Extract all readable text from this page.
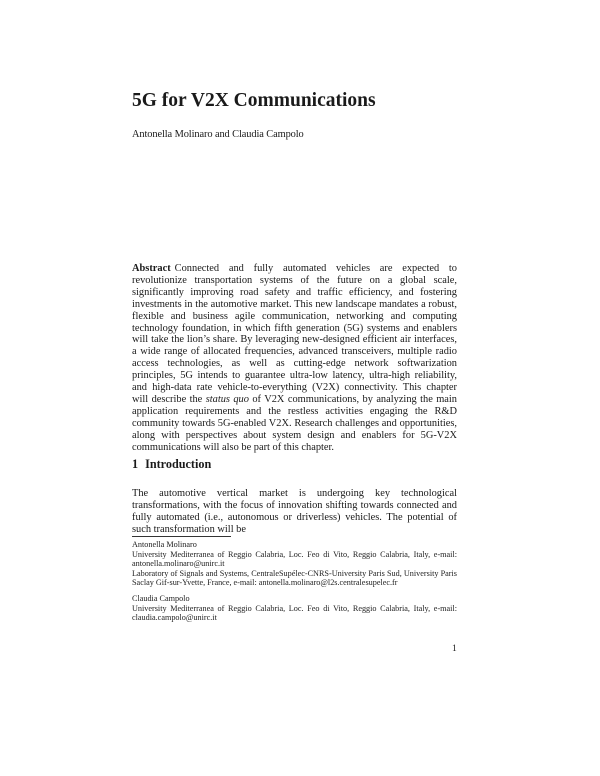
5G for V2X Communications
Antonella Molinaro and Claudia Campolo
Abstract Connected and fully automated vehicles are expected to revolutionize transportation systems of the future on a global scale, significantly improving road safety and traffic efficiency, and fostering investments in the automotive market. This new landscape mandates a robust, flexible and business agile communication, networking and computing technology foundation, in which fifth generation (5G) systems and enablers will take the lion’s share. By leveraging new-designed efficient air interfaces, a wide range of allocated frequencies, advanced transceivers, multiple radio access technologies, as well as cutting-edge network softwarization principles, 5G intends to guarantee ultra-low latency, ultra-high reliability, and high-data rate vehicle-to-everything (V2X) connectivity. This chapter will describe the status quo of V2X communications, by analyzing the main application requirements and the restless activities engaging the R&D community towards 5G-enabled V2X. Research challenges and opportunities, along with perspectives about system design and enablers for 5G-V2X communications will also be part of this chapter.
1 Introduction
The automotive vertical market is undergoing key technological transformations, with the focus of innovation shifting towards connected and fully automated (i.e., autonomous or driverless) vehicles. The potential of such transformation will be
Antonella Molinaro

University Mediterranea of Reggio Calabria, Loc. Feo di Vito, Reggio Calabria, Italy, e-mail: antonella.molinaro@unirc.it

Laboratory of Signals and Systems, CentraleSupélec-CNRS-University Paris Sud, University Paris Saclay Gif-sur-Yvette, France, e-mail: antonella.molinaro@l2s.centralesupelec.fr

Claudia Campolo

University Mediterranea of Reggio Calabria, Loc. Feo di Vito, Reggio Calabria, Italy, e-mail: claudia.campolo@unirc.it

1
